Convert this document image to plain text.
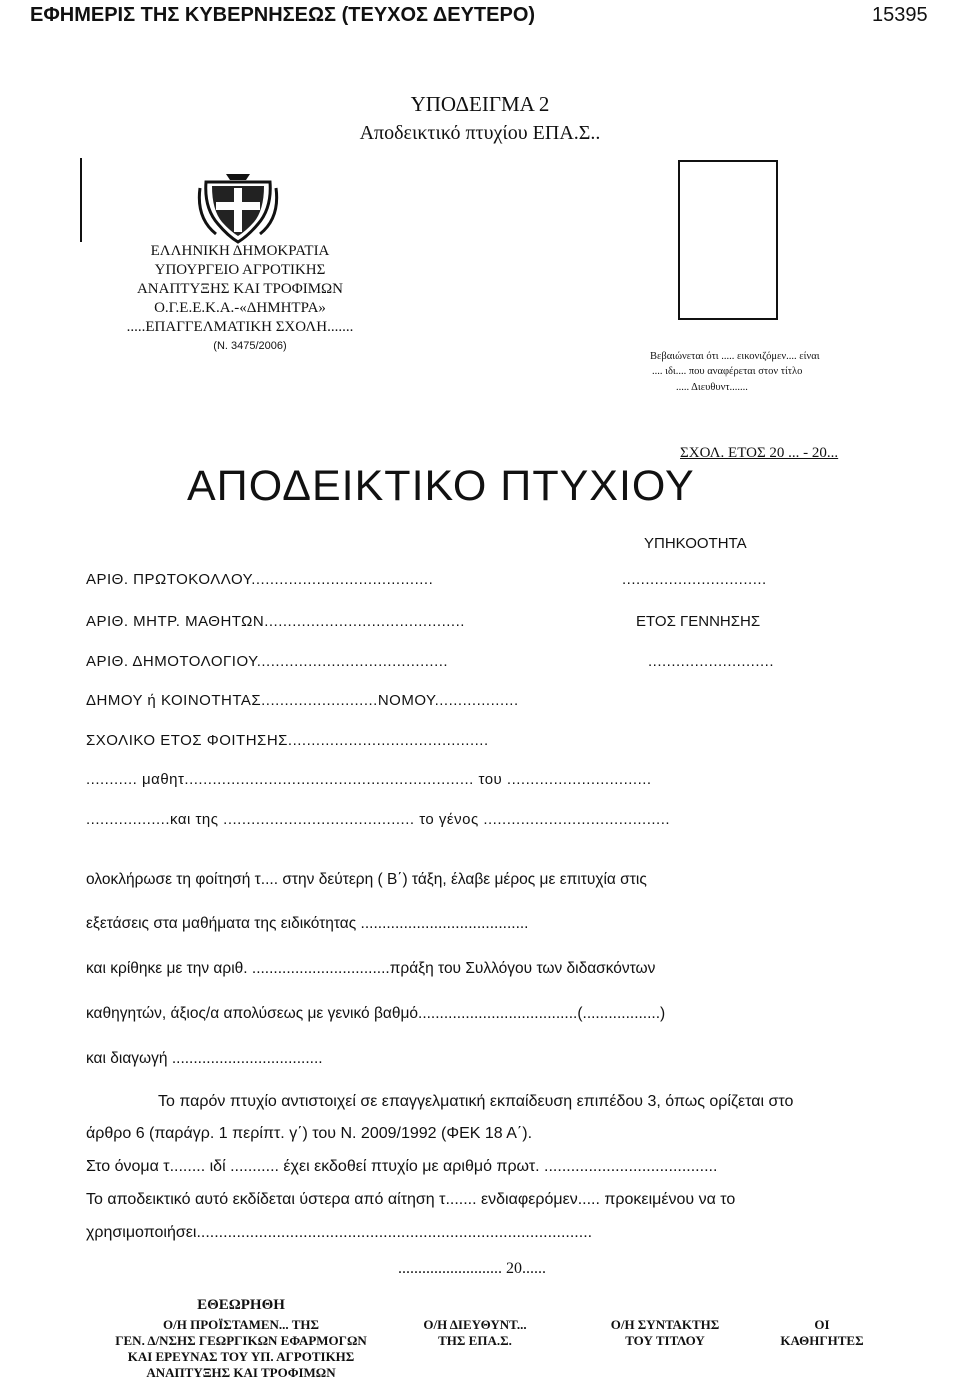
ΕΦΗΜΕΡΙΣ ΤΗΣ ΚΥΒΕΡΝΗΣΕΩΣ (ΤΕΥΧΟΣ ΔΕΥΤΕΡΟ)	15395
ΥΠΟΔΕΙΓΜΑ 2
Αποδεικτικό πτυχίου ΕΠΑ.Σ..
ΕΛΛΗΝΙΚΗ ΔΗΜΟΚΡΑΤΙΑ
ΥΠΟΥΡΓΕΙΟ ΑΓΡΟΤΙΚΗΣ
ΑΝΑΠΤΥΞΗΣ ΚΑΙ ΤΡΟΦΙΜΩΝ
Ο.Γ.Ε.Ε.Κ.Α.-«ΔΗΜΗΤΡΑ»
.....ΕΠΑΓΓΕΛΜΑΤΙΚΗ ΣΧΟΛΗ.......
(Ν. 3475/2006)
Βεβαιώνεται ότι ..... εικονιζόμεν.... είναι
.... ιδι.... που αναφέρεται στον τίτλο
..... Διευθυντ.......
ΣΧΟΛ. ΕΤΟΣ 20 ... - 20...
ΑΠΟΔΕΙΚΤΙΚΟ ΠΤΥΧΙΟΥ
ΥΠΗΚΟΟΤΗΤΑ
ΑΡΙΘ. ΠΡΩΤΟΚΟΛΛΟΥ.......................................	...............................
ΑΡΙΘ. ΜΗΤΡ. ΜΑΘΗΤΩΝ...........................................	ΕΤΟΣ ΓΕΝΝΗΣΗΣ
ΑΡΙΘ. ΔΗΜΟΤΟΛΟΓΙΟΥ.........................................	...........................
ΔΗΜΟΥ ή ΚΟΙΝΟΤΗΤΑΣ.........................ΝΟΜΟΥ..................
ΣΧΟΛΙΚΟ ΕΤΟΣ ΦΟΙΤΗΣΗΣ...........................................
........... μαθητ.............................................................. του ...............................
..................και της ......................................... το γένος ........................................
ολοκλήρωσε τη φοίτησή τ.... στην δεύτερη ( Β΄) τάξη, έλαβε μέρος με επιτυχία στις
εξετάσεις στα μαθήματα της ειδικότητας .......................................
και κρίθηκε με την αριθ. ................................πράξη του Συλλόγου των διδασκόντων
καθηγητών, άξιος/α απολύσεως με γενικό βαθμό.....................................(..................)
και διαγωγή ...................................
Το παρόν πτυχίο αντιστοιχεί σε επαγγελματική εκπαίδευση επιπέδου 3, όπως ορίζεται στο
άρθρο 6 (παράγρ. 1 περίπτ. γ΄) του Ν. 2009/1992 (ΦΕΚ 18 Α΄).
Στο όνομα τ........ ιδί ........... έχει εκδοθεί πτυχίο με αριθμό πρωτ. .......................................
Το αποδεικτικό αυτό εκδίδεται ύστερα από αίτηση τ....... ενδιαφερόμεν..... προκειμένου να το
χρησιμοποιήσει.........................................................................................
.......................... 20......
ΕΘΕΩΡΗΘΗ
Ο/Η ΠΡΟΪΣΤΑΜΕΝ... ΤΗΣ
ΓΕΝ. Δ/ΝΣΗΣ ΓΕΩΡΓΙΚΩΝ ΕΦΑΡΜΟΓΩΝ
ΚΑΙ ΕΡΕΥΝΑΣ ΤΟΥ ΥΠ. ΑΓΡΟΤΙΚΗΣ
ΑΝΑΠΤΥΞΗΣ ΚΑΙ ΤΡΟΦΙΜΩΝ
Ο/Η ΔΙΕΥΘΥΝΤ...
ΤΗΣ ΕΠΑ.Σ.
Ο/Η ΣΥΝΤΑΚΤΗΣ
ΤΟΥ ΤΙΤΛΟΥ
ΟΙ
ΚΑΘΗΓΗΤΕΣ
